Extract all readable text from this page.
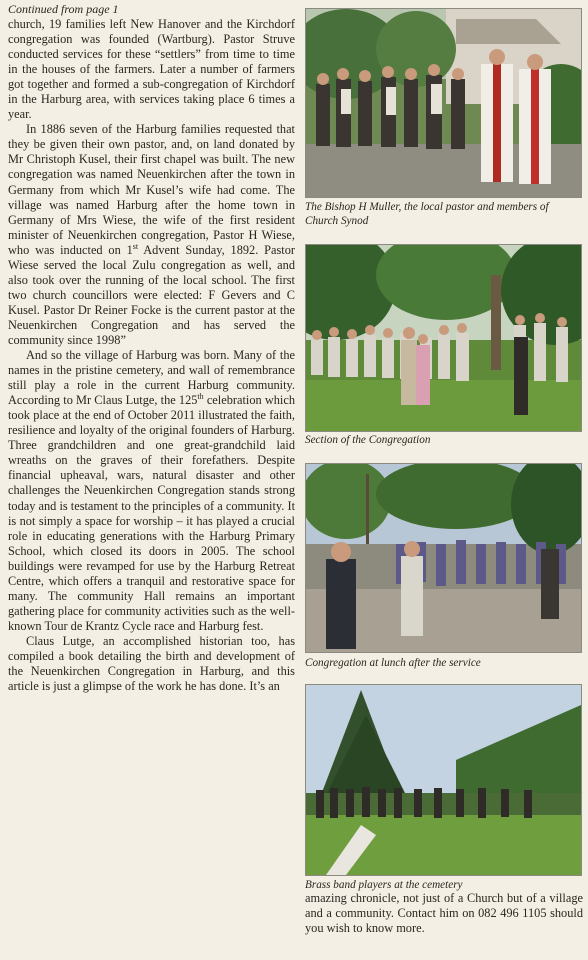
Continued from page 1

church, 19 families left New Hanover and the Kirchdorf congregation was founded (Wartburg). Pastor Struve conducted services for these “settlers” from time to time in the houses of the farmers. Later a number of farmers got together and formed a sub-congregation of Kirchdorf in the Harburg area, with services taking place 6 times a year.

In 1886 seven of the Harburg families requested that they be given their own pastor, and, on land donated by Mr Christoph Kusel, their first chapel was built. The new congregation was named Neuenkirchen after the town in Germany from which Mr Kusel’s wife had come. The village was named Harburg after the home town in Germany of Mrs Wiese, the wife of the first resident minister of Neuenkirchen congregation, Pastor H Wiese, who was inducted on 1st Advent Sunday, 1892. Pastor Wiese served the local Zulu congregation as well, and also took over the running of the local school. The first two church councillors were elected: F Gevers and C Kusel. Pastor Dr Reiner Focke is the current pastor at the Neuenkirchen Congregation and has served the community since 1998”

And so the village of Harburg was born. Many of the names in the pristine cemetery, and wall of remembrance still play a role in the current Harburg community. According to Mr Claus Lutge, the 125th celebration which took place at the end of October 2011 illustrated the faith, resilience and loyalty of the original founders of Harburg. Three grandchildren and one great-grandchild laid wreaths on the graves of their forefathers. Despite financial upheaval, wars, natural disaster and other challenges the Neuenkirchen Congregation stands strong today and is testament to the principles of a community. It is not simply a space for worship – it has played a crucial role in educating generations with the Harburg Primary School, which closed its doors in 2005. The school buildings were revamped for use by the Harburg Retreat Centre, which offers a tranquil and restorative space for many. The community Hall remains an important gathering place for community activities such as the well-known Tour de Krantz Cycle race and Harburg fest.

Claus Lutge, an accomplished historian too, has compiled a book detailing the birth and development of the Neuenkirchen Congregation in Harburg, and this article is just a glimpse of the work he has done. It’s an

The Bishop H Muller, the local pastor and members of Church Synod
Section of the Congregation
Congregation at lunch after the service
Brass band players at the cemetery
amazing chronicle, not just of a Church but of a village and a community. Contact him on 082 496 1105 should you wish to know more.
